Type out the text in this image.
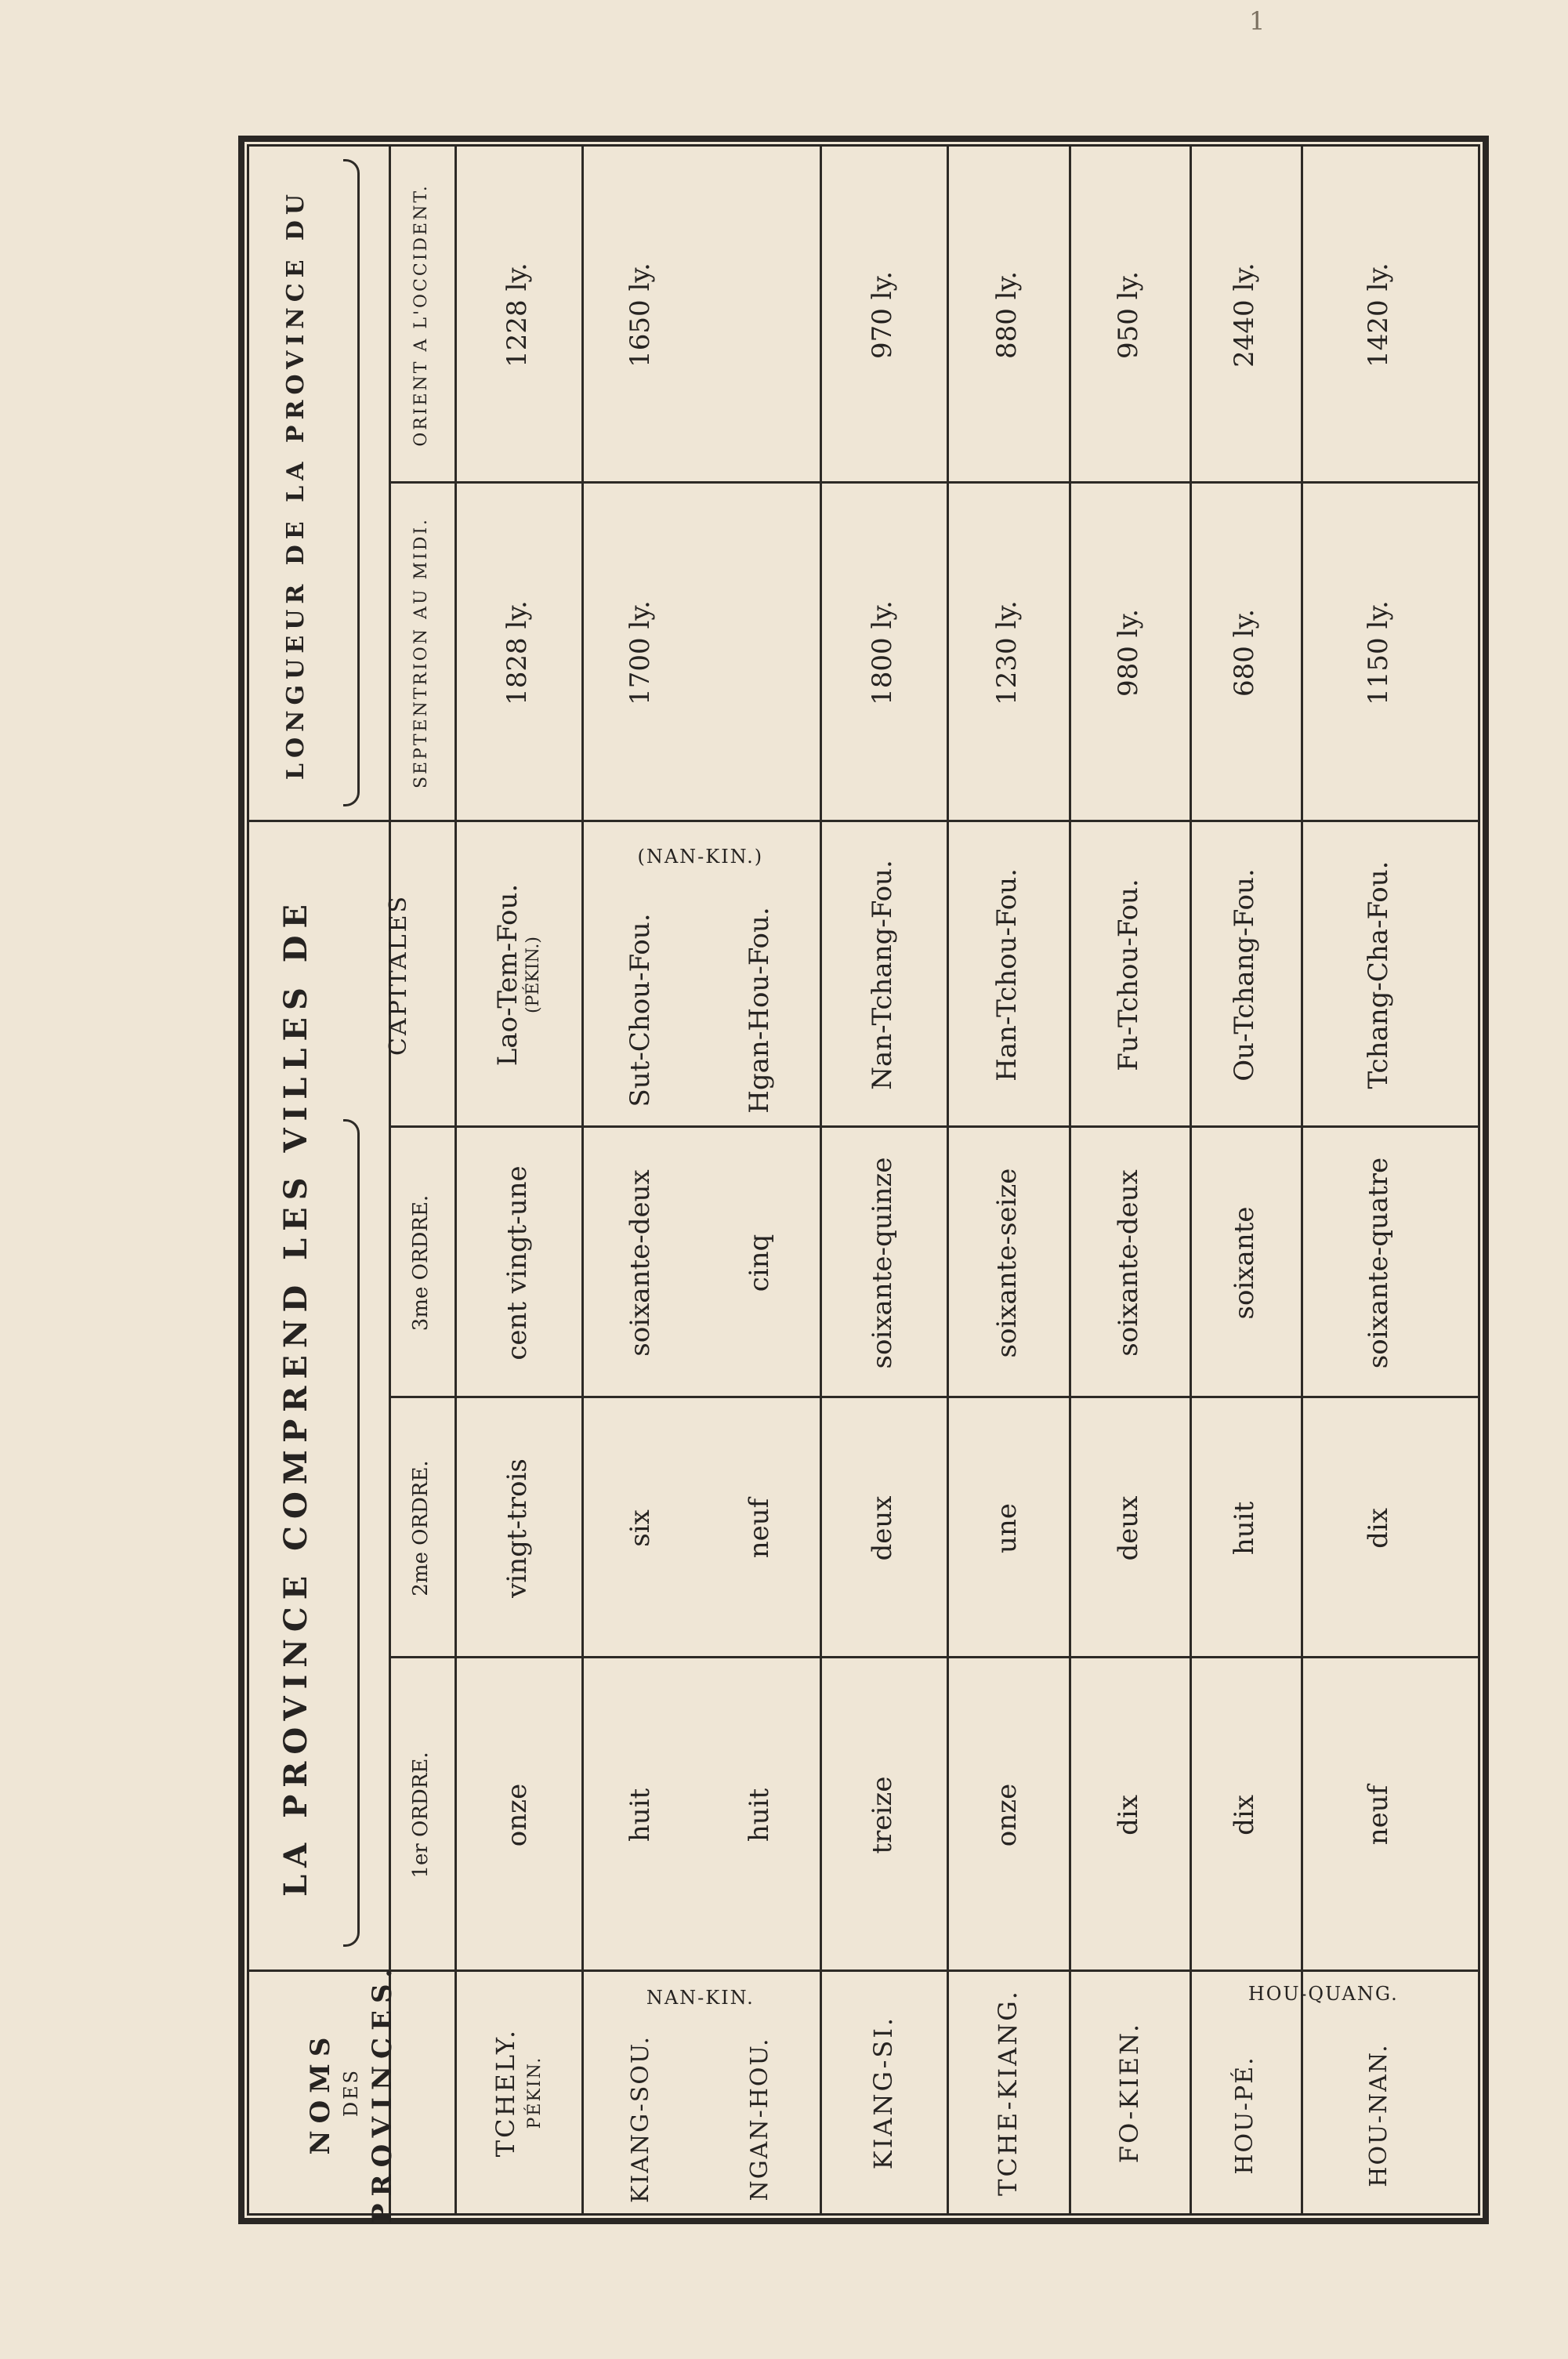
1
NOMS DES PROVINCES.
LA PROVINCE COMPREND LES VILLES DE
LONGUEUR DE LA PROVINCE DU
1er ORDRE.
2me ORDRE.
3me ORDRE.
CAPITALES
SEPTENTRION AU MIDI.
ORIENT A L'OCCIDENT.
TCHELY. PÉKIN.
onze
vingt-trois
cent vingt-une
Lao-Tem-Fou. (PÉKIN.)
1828 ly.
1228 ly.
KIANG-SOU.
huit
six
soixante-deux
Sut-Chou-Fou.
1700 ly.
1650 ly.
NGAN-HOU.
huit
neuf
cinq
Hgan-Hou-Fou.
NAN-KIN.
(NAN-KIN.)
KIANG-SI.
treize
deux
soixante-quinze
Nan-Tchang-Fou.
1800 ly.
970 ly.
TCHE-KIANG.
onze
une
soixante-seize
Han-Tchou-Fou.
1230 ly.
880 ly.
FO-KIEN.
dix
deux
soixante-deux
Fu-Tchou-Fou.
980 ly.
950 ly.
HOU-PÉ.
dix
huit
soixante
Ou-Tchang-Fou.
680 ly.
2440 ly.
HOU-NAN.
neuf
dix
soixante-quatre
Tchang-Cha-Fou.
1150 ly.
1420 ly.
HOU-QUANG.
